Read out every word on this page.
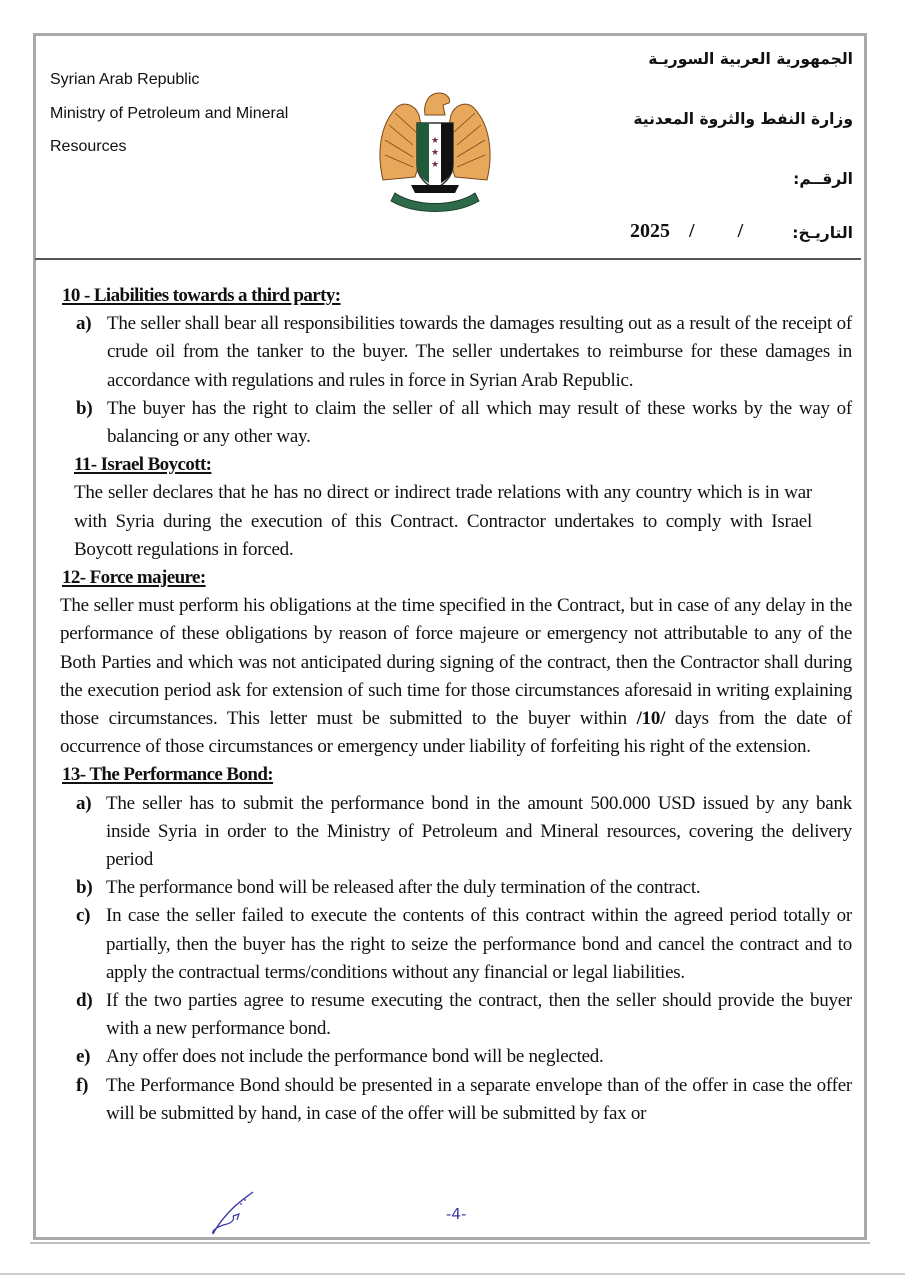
Syrian Arab Republic
Ministry of Petroleum and Mineral
Resources	★
★
★
الجمهورية العربية السوريـة
وزارة النفط والثروة المعدنية
الرقــم:
التاريـخ:
2025 / /
10 - Liabilities towards a third party:
a) The seller shall bear all responsibilities towards the damages resulting out as a result of the receipt of crude oil from the tanker to the buyer. The seller undertakes to reimburse for these damages in accordance with regulations and rules in force in Syrian Arab Republic.
b) The buyer has the right to claim the seller of all which may result of these works by the way of balancing or any other way.
11- Israel Boycott:
The seller declares that he has no direct or indirect trade relations with any country which is in war with Syria during the execution of this Contract. Contractor undertakes to comply with Israel Boycott regulations in forced.
12- Force majeure:
The seller must perform his obligations at the time specified in the Contract, but in case of any delay in the performance of these obligations by reason of force majeure or emergency not attributable to any of the Both Parties and which was not anticipated during signing of the contract, then the Contractor shall during the execution period ask for extension of such time for those circumstances aforesaid in writing explaining those circumstances. This letter must be submitted to the buyer within /10/ days from the date of occurrence of those circumstances or emergency under liability of forfeiting his right of the extension.
13- The Performance Bond:
a) The seller has to submit the performance bond in the amount 500.000 USD issued by any bank inside Syria in order to the Ministry of Petroleum and Mineral resources, covering the delivery period
b) The performance bond will be released after the duly termination of the contract.
c) In case the seller failed to execute the contents of this contract within the agreed period totally or partially, then the buyer has the right to seize the performance bond and cancel the contract and to apply the contractual terms/conditions without any financial or legal liabilities.
d) If the two parties agree to resume executing the contract, then the seller should provide the buyer with a new performance bond.
e) Any offer does not include the performance bond will be neglected.
f) The Performance Bond should be presented in a separate envelope than of the offer in case the offer will be submitted by hand, in case of the offer will be submitted by fax or
-4-
